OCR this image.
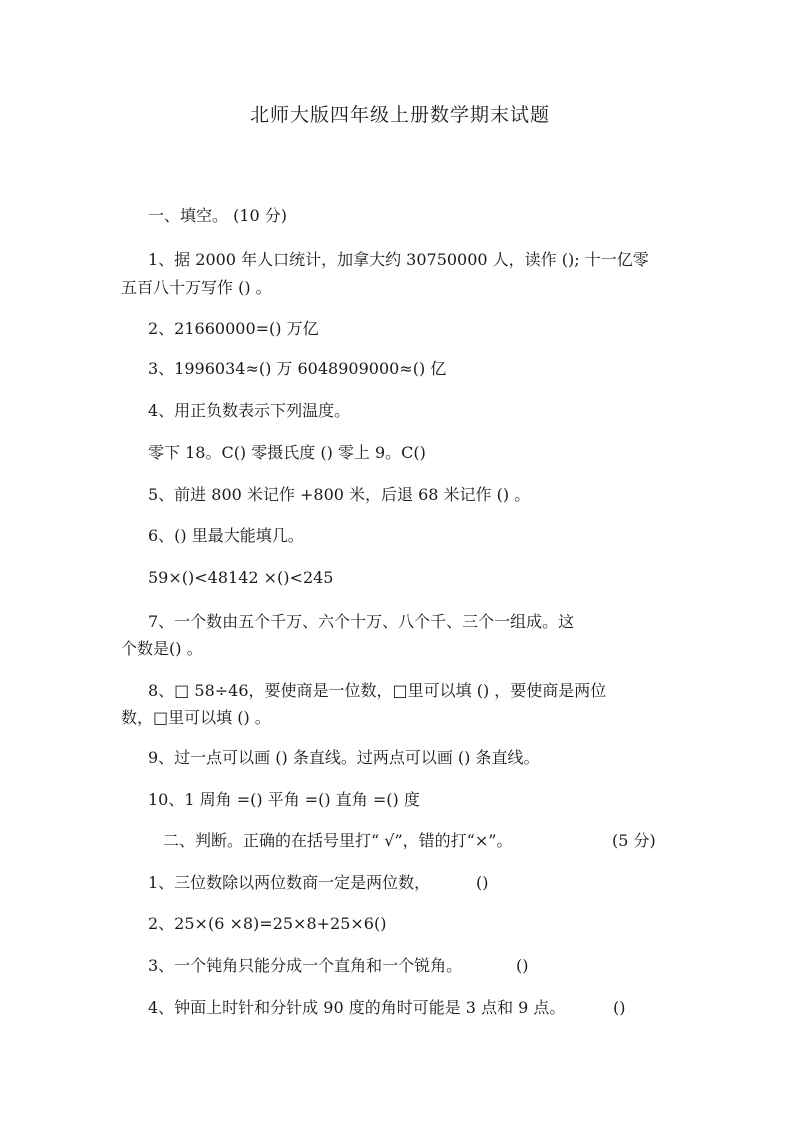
北师大版四年级上册数学期末试题
一、填空。 (10 分)
1、据 2000 年人口统计，加拿大约 30750000 人，读作 (); 十一亿零
五百八十万写作 () 。
2、21660000=() 万亿
3、1996034≈() 万 6048909000≈() 亿
4、用正负数表示下列温度。
零下 18。C() 零摄氏度 () 零上 9。C()
5、前进 800 米记作 +800 米，后退 68 米记作 () 。
6、() 里最大能填几。
59×()<48142 ×()<245
7、一个数由五个千万、六个十万、八个千、三个一组成。这
个数是() 。
8、□ 58÷46，要使商是一位数，□里可以填 () ，要使商是两位
数，□里可以填 () 。
9、过一点可以画 () 条直线。过两点可以画 () 条直线。
10、1 周角 =() 平角 =() 直角 =() 度
二、判断。正确的在括号里打“ √”，错的打“×”。	(5 分)
1、三位数除以两位数商一定是两位数，	()
2、25×(6 ×8)=25×8+25×6()
3、一个钝角只能分成一个直角和一个锐角。	()
4、钟面上时针和分针成 90 度的角时可能是 3 点和 9 点。	()
